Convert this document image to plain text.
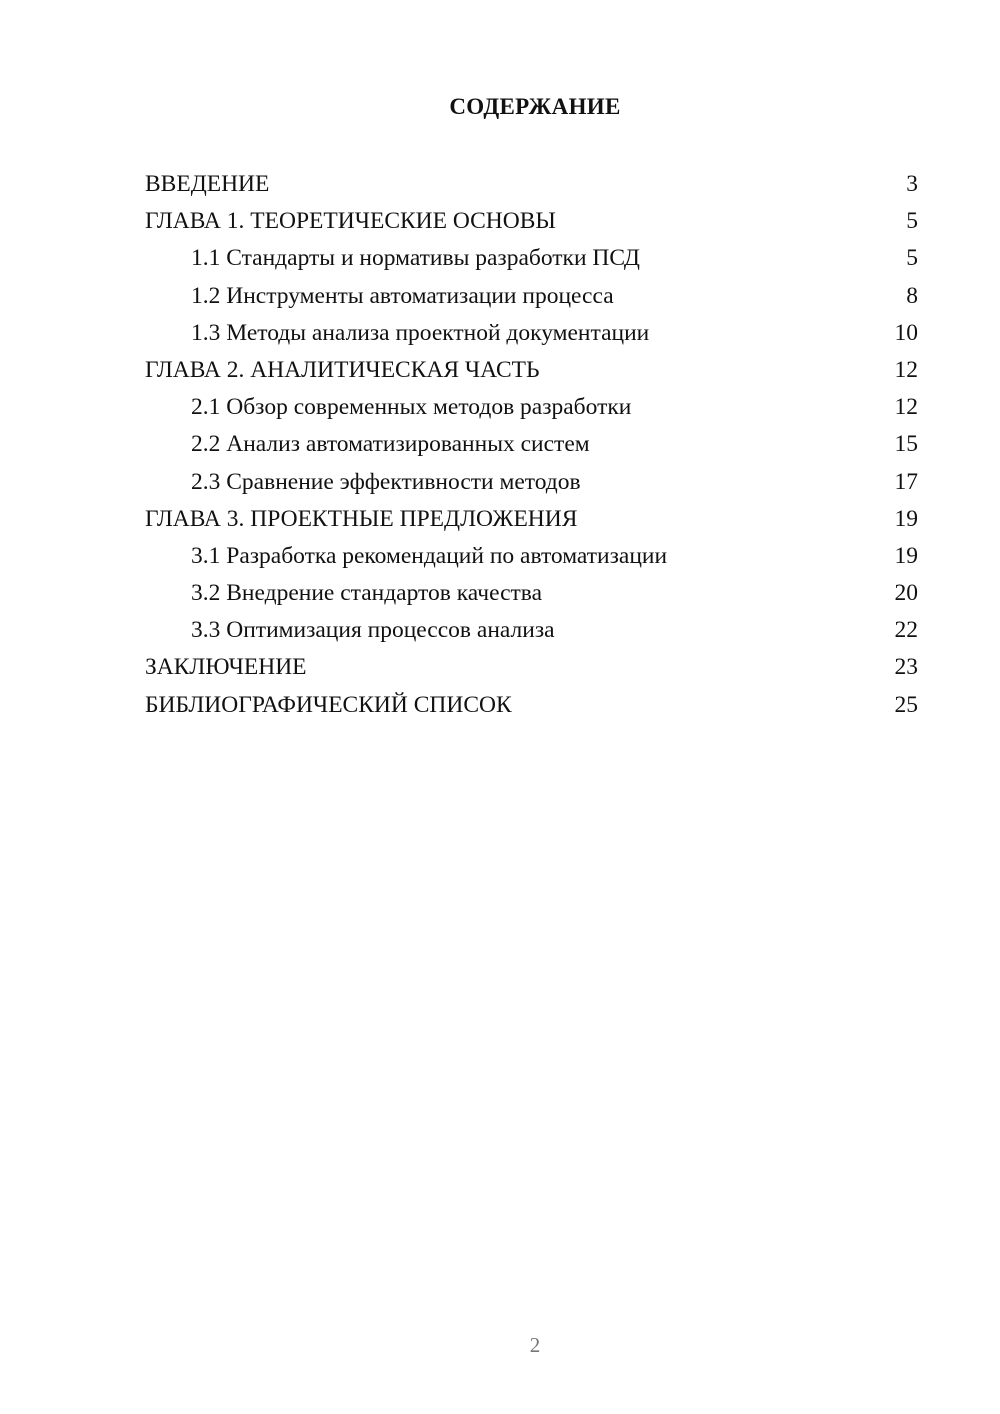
СОДЕРЖАНИЕ
ВВЕДЕНИЕ	3
ГЛАВА 1. ТЕОРЕТИЧЕСКИЕ ОСНОВЫ	5
1.1 Стандарты и нормативы разработки ПСД	5
1.2 Инструменты автоматизации процесса	8
1.3 Методы анализа проектной документации	10
ГЛАВА 2. АНАЛИТИЧЕСКАЯ ЧАСТЬ	12
2.1 Обзор современных методов разработки	12
2.2 Анализ автоматизированных систем	15
2.3 Сравнение эффективности методов	17
ГЛАВА 3. ПРОЕКТНЫЕ ПРЕДЛОЖЕНИЯ	19
3.1 Разработка рекомендаций по автоматизации	19
3.2 Внедрение стандартов качества	20
3.3 Оптимизация процессов анализа	22
ЗАКЛЮЧЕНИЕ	23
БИБЛИОГРАФИЧЕСКИЙ СПИСОК	25
2
